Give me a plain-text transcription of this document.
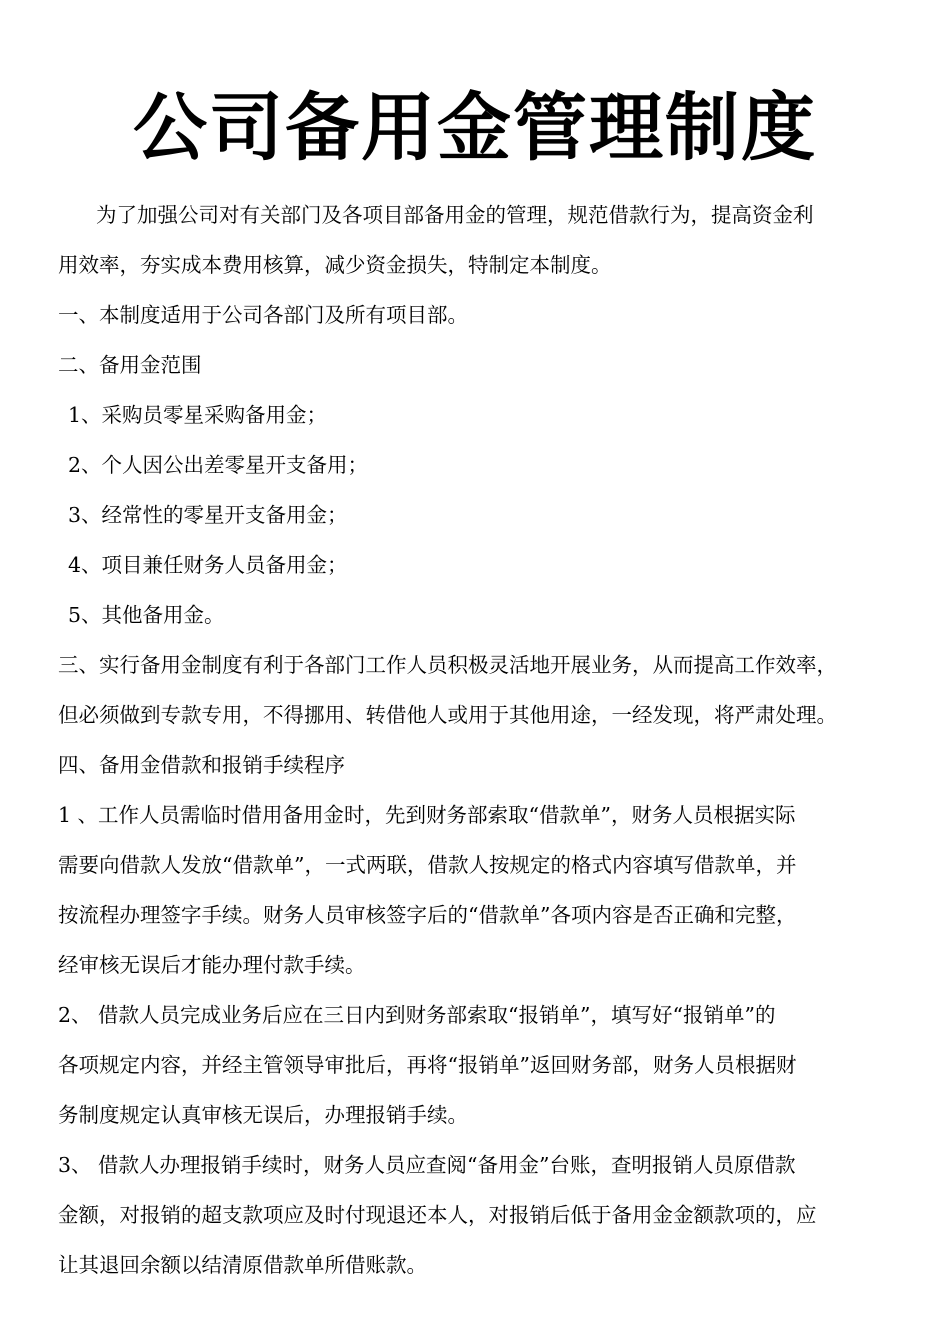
公司备用金管理制度

为了加强公司对有关部门及各项目部备用金的管理，规范借款行为，提高资金利
用效率，夯实成本费用核算，减少资金损失，特制定本制度。

一、本制度适用于公司各部门及所有项目部。

二、备用金范围
1、采购员零星采购备用金；
2、个人因公出差零星开支备用；
3、经常性的零星开支备用金；
4、项目兼任财务人员备用金；
5、其他备用金。

三、实行备用金制度有利于各部门工作人员积极灵活地开展业务，从而提高工作效率，
但必须做到专款专用，不得挪用、转借他人或用于其他用途，一经发现，将严肃处理。

四、备用金借款和报销手续程序

1 、工作人员需临时借用备用金时，先到财务部索取“借款单”，财务人员根据实际
需要向借款人发放“借款单”，一式两联，借款人按规定的格式内容填写借款单，并
按流程办理签字手续。财务人员审核签字后的“借款单”各项内容是否正确和完整，
经审核无误后才能办理付款手续。

2、 借款人员完成业务后应在三日内到财务部索取“报销单”，填写好“报销单”的
各项规定内容，并经主管领导审批后，再将“报销单”返回财务部，财务人员根据财
务制度规定认真审核无误后，办理报销手续。

3、 借款人办理报销手续时，财务人员应查阅“备用金”台账，查明报销人员原借款
金额，对报销的超支款项应及时付现退还本人，对报销后低于备用金金额款项的，应
让其退回余额以结清原借款单所借账款。
